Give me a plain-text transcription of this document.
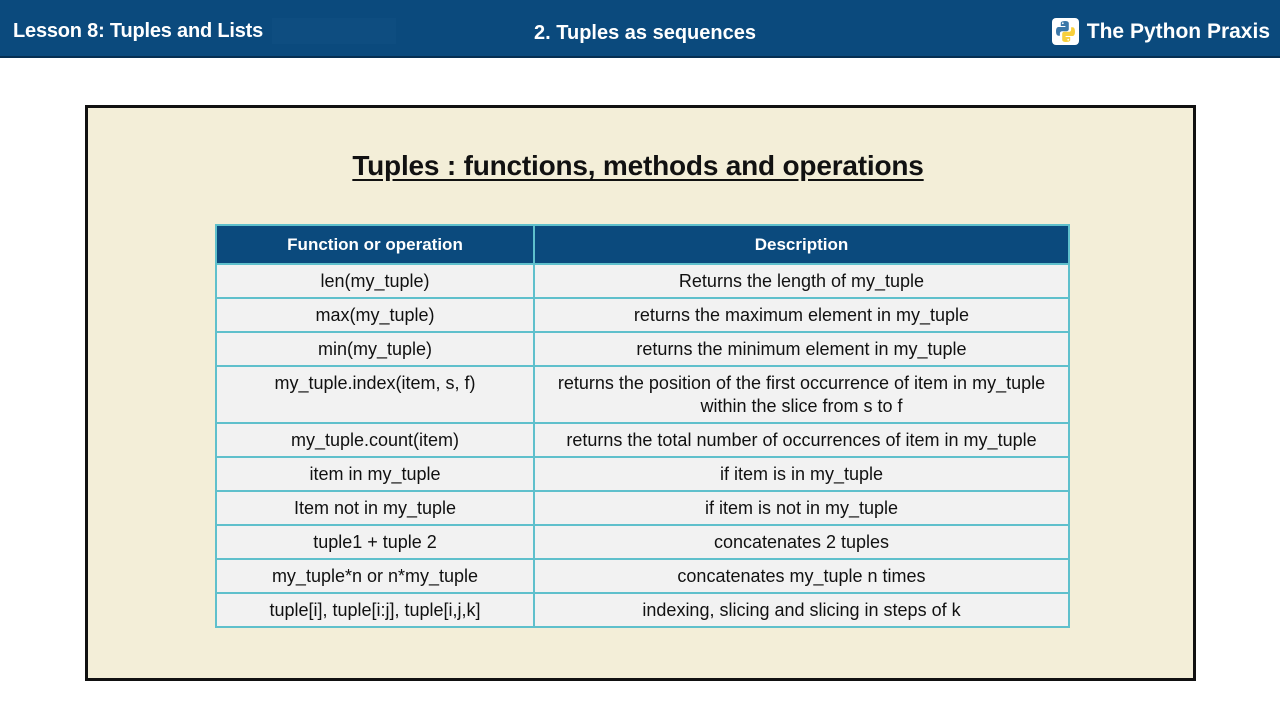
Lesson 8: Tuples and Lists	2. Tuples as sequences	The Python Praxis
Tuples : functions, methods and operations
Function or operation	Description
len(my_tuple)	Returns the length of my_tuple
max(my_tuple)	returns the maximum element in my_tuple
min(my_tuple)	returns the minimum element in my_tuple
my_tuple.index(item, s, f)	returns the position of the first occurrence of item in my_tuple within the slice from s to f
my_tuple.count(item)	returns the total number of occurrences of item in my_tuple
item in my_tuple	if item is in my_tuple
Item not in my_tuple	if item is not in my_tuple
tuple1 + tuple 2	concatenates 2 tuples
my_tuple*n or n*my_tuple	concatenates my_tuple n times
tuple[i], tuple[i:j], tuple[i,j,k]	indexing, slicing and slicing in steps of k
